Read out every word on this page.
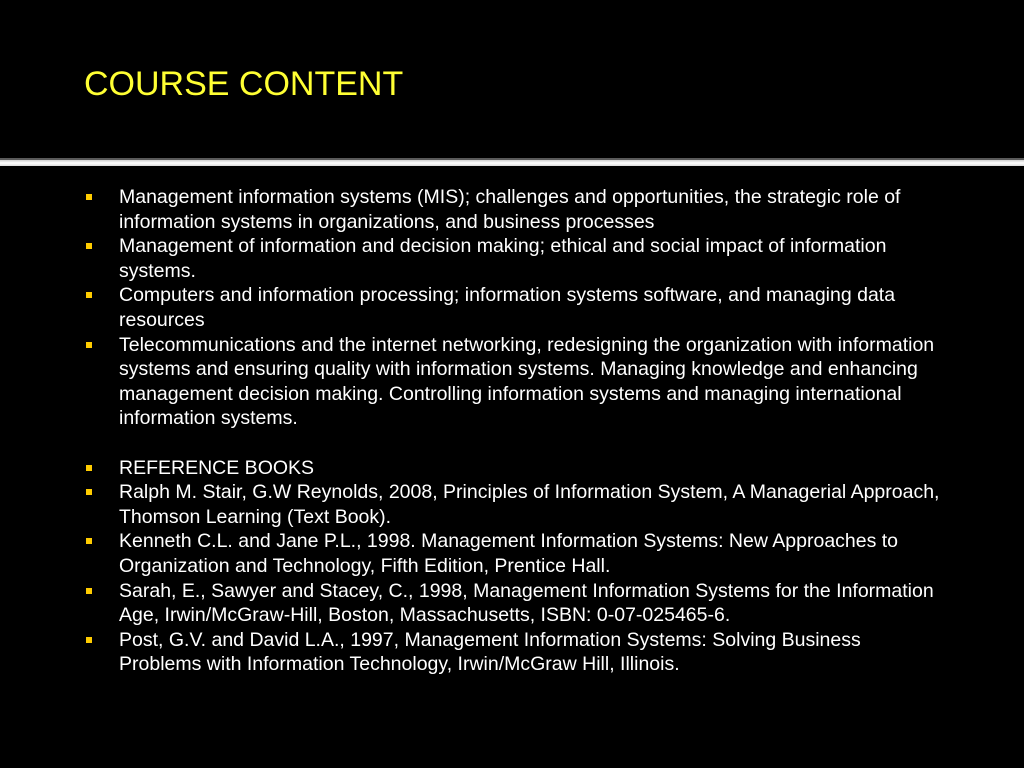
COURSE CONTENT
Management information systems (MIS); challenges and opportunities, the strategic role of information systems in organizations, and business processes
Management of information and decision making; ethical and social impact of information systems.
Computers and information processing; information systems software, and managing data resources
Telecommunications and the internet networking, redesigning the organization with information systems and ensuring quality with information systems. Managing knowledge and enhancing management decision making. Controlling information systems and managing international information systems.
REFERENCE BOOKS
Ralph M. Stair, G.W Reynolds, 2008, Principles of Information System, A Managerial Approach, Thomson Learning (Text Book).
Kenneth C.L. and Jane P.L., 1998. Management Information Systems: New Approaches to Organization and Technology, Fifth Edition, Prentice Hall.
Sarah, E., Sawyer and Stacey, C., 1998, Management Information Systems for the Information Age, Irwin/McGraw-Hill, Boston, Massachusetts, ISBN: 0-07-025465-6.
Post, G.V. and David L.A., 1997, Management Information Systems: Solving Business Problems with Information Technology, Irwin/McGraw Hill, Illinois.
